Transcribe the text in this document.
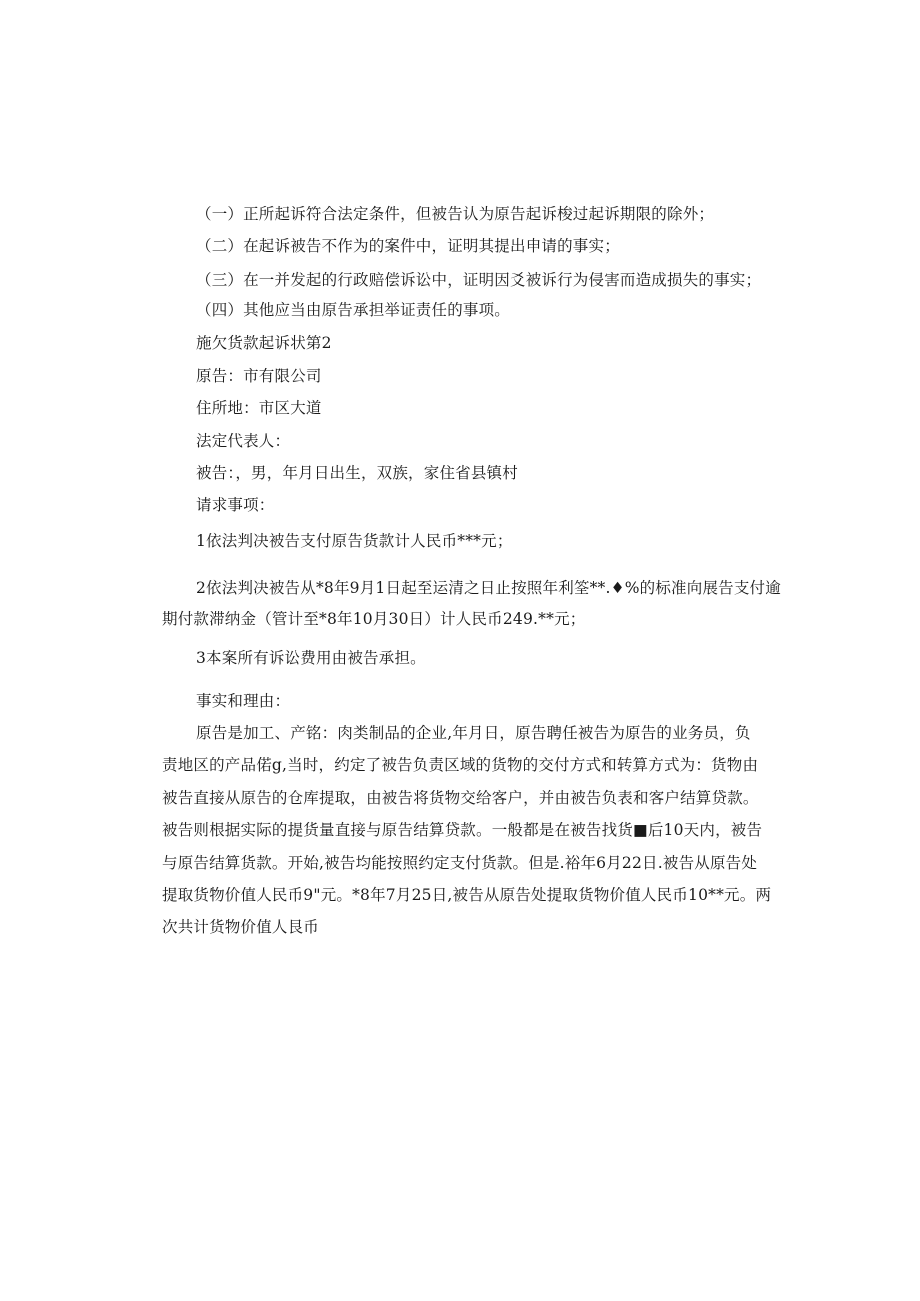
（一）正所起诉符合法定条件，但被告认为原告起诉梭过起诉期限的除外；
（二）在起诉被告不作为的案件中，证明其提出申请的事实；
（三）在一并发起的行政赔偿诉讼中，证明因爻被诉行为侵害而造成损失的事实；
（四）其他应当由原告承担举证责任的事项。
施欠货款起诉状第2
原告：市有限公司
住所地：市区大道
法定代表人：
被告：，男，年月日出生，双族，家住省县镇村
请求事项：
1依法判决被告支付原告货款计人民币***元；
2依法判决被告从*8年9月1日起至运清之日止按照年利筌**.♦%的标准向展告支付逾
期付款滞纳金（管计至*8年10月30日）计人民币249.**元；
3本案所有诉讼费用由被告承担。
事实和理由：
原告是加工、产铭：肉类制品的企业,年月日，原告聘任被告为原告的业务员，负
责地区的产品偌g,当时，约定了被告负责区域的货物的交付方式和转算方式为：货物由
被告直接从原告的仓库提取，由被告将货物交给客户，并由被告负表和客户结算贷款。
被告则根据实际的提货量直接与原告结算贷款。一般都是在被告找货■后10天内，被告
与原告结算货款。开始,被告均能按照约定支付货款。但是.裕年6月22日.被告从原告处
提取货物价值人民币9"元。*8年7月25日,被告从原告处提取货物价值人民币10**元。两
次共计货物价值人艮币
